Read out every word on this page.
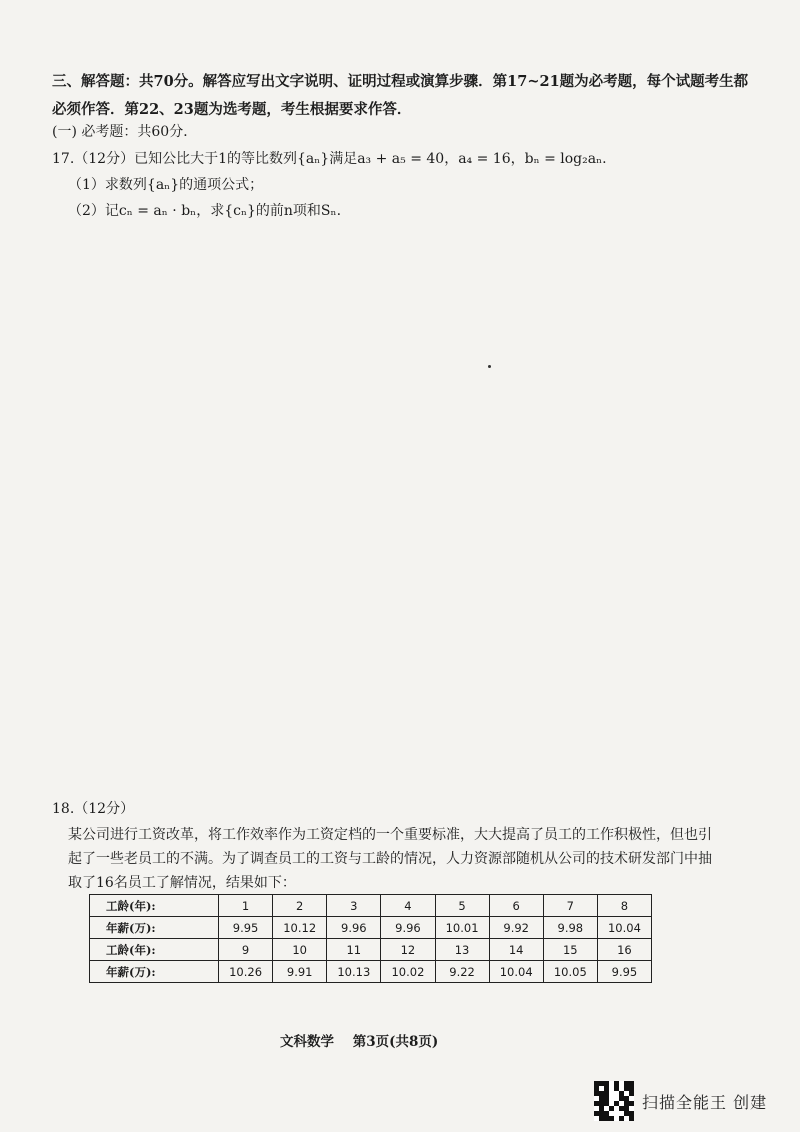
三、解答题：共70分。解答应写出文字说明、证明过程或演算步骤．第17~21题为必考题，每个试题考生都必须作答．第22、23题为选考题，考生根据要求作答．
(一) 必考题：共60分．
17.（12分）已知公比大于1的等比数列{aₙ}满足a₃ + a₅ = 40，a₄ = 16，bₙ = log₂aₙ.
（1）求数列{aₙ}的通项公式；
（2）记cₙ = aₙ · bₙ，求{cₙ}的前n项和Sₙ.
18.（12分）
某公司进行工资改革，将工作效率作为工资定档的一个重要标准，大大提高了员工的工作积极性，但也引起了一些老员工的不满。为了调查员工的工资与工龄的情况，人力资源部随机从公司的技术研发部门中抽取了16名员工了解情况，结果如下：
工龄(年):	1	2	3	4	5	6	7	8
年薪(万):	9.95	10.12	9.96	9.96	10.01	9.92	9.98	10.04
工龄(年):	9	10	11	12	13	14	15	16
年薪(万):	10.26	9.91	10.13	10.02	9.22	10.04	10.05	9.95
文科数学 第3页(共8页)
扫描全能王 创建
